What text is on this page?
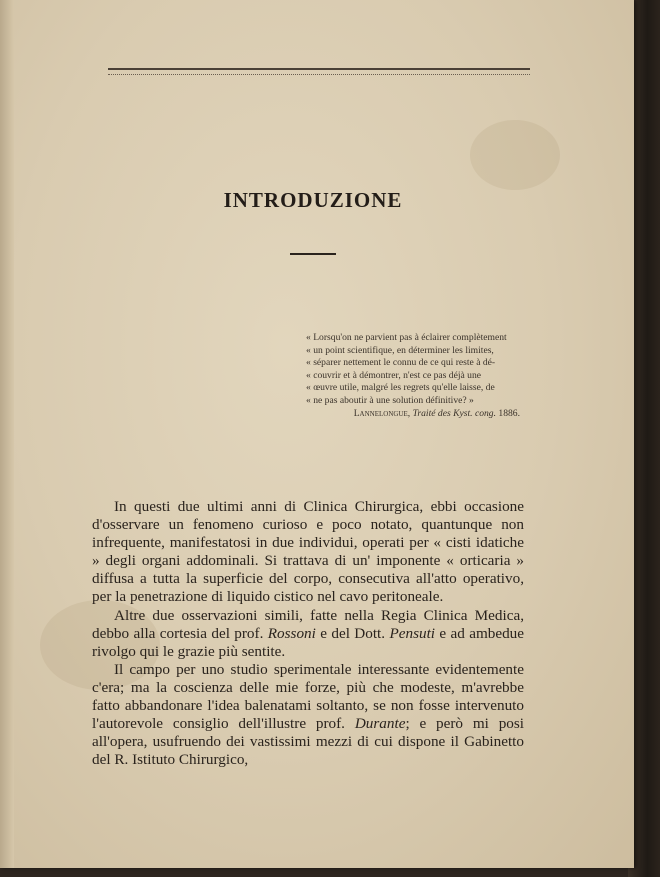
INTRODUZIONE
« Lorsqu'on ne parvient pas à éclairer complètement
« un point scientifique, en déterminer les limites,
« séparer nettement le connu de ce qui reste à dé-
« couvrir et à démontrer, n'est ce pas déjà une
« œuvre utile, malgré les regrets qu'elle laisse, de
« ne pas aboutir à une solution définitive? »
Lannelongue, Traité des Kyst. cong. 1886.

In questi due ultimi anni di Clinica Chirurgica, ebbi occasione d'osservare un fenomeno curioso e poco notato, quantunque non infrequente, manifestatosi in due individui, operati per « cisti idatiche » degli organi addominali. Si trattava di un' imponente « orticaria » diffusa a tutta la superficie del corpo, consecutiva all'atto operativo, per la penetrazione di liquido cistico nel cavo peritoneale.

Altre due osservazioni simili, fatte nella Regia Clinica Medica, debbo alla cortesia del prof. Rossoni e del Dott. Pensuti e ad ambedue rivolgo qui le grazie più sentite.

Il campo per uno studio sperimentale interessante evidentemente c'era; ma la coscienza delle mie forze, più che modeste, m'avrebbe fatto abbandonare l'idea balenatami soltanto, se non fosse intervenuto l'autorevole consiglio dell'illustre prof. Durante; e però mi posi all'opera, usufruendo dei vastissimi mezzi di cui dispone il Gabinetto del R. Istituto Chirurgico,
